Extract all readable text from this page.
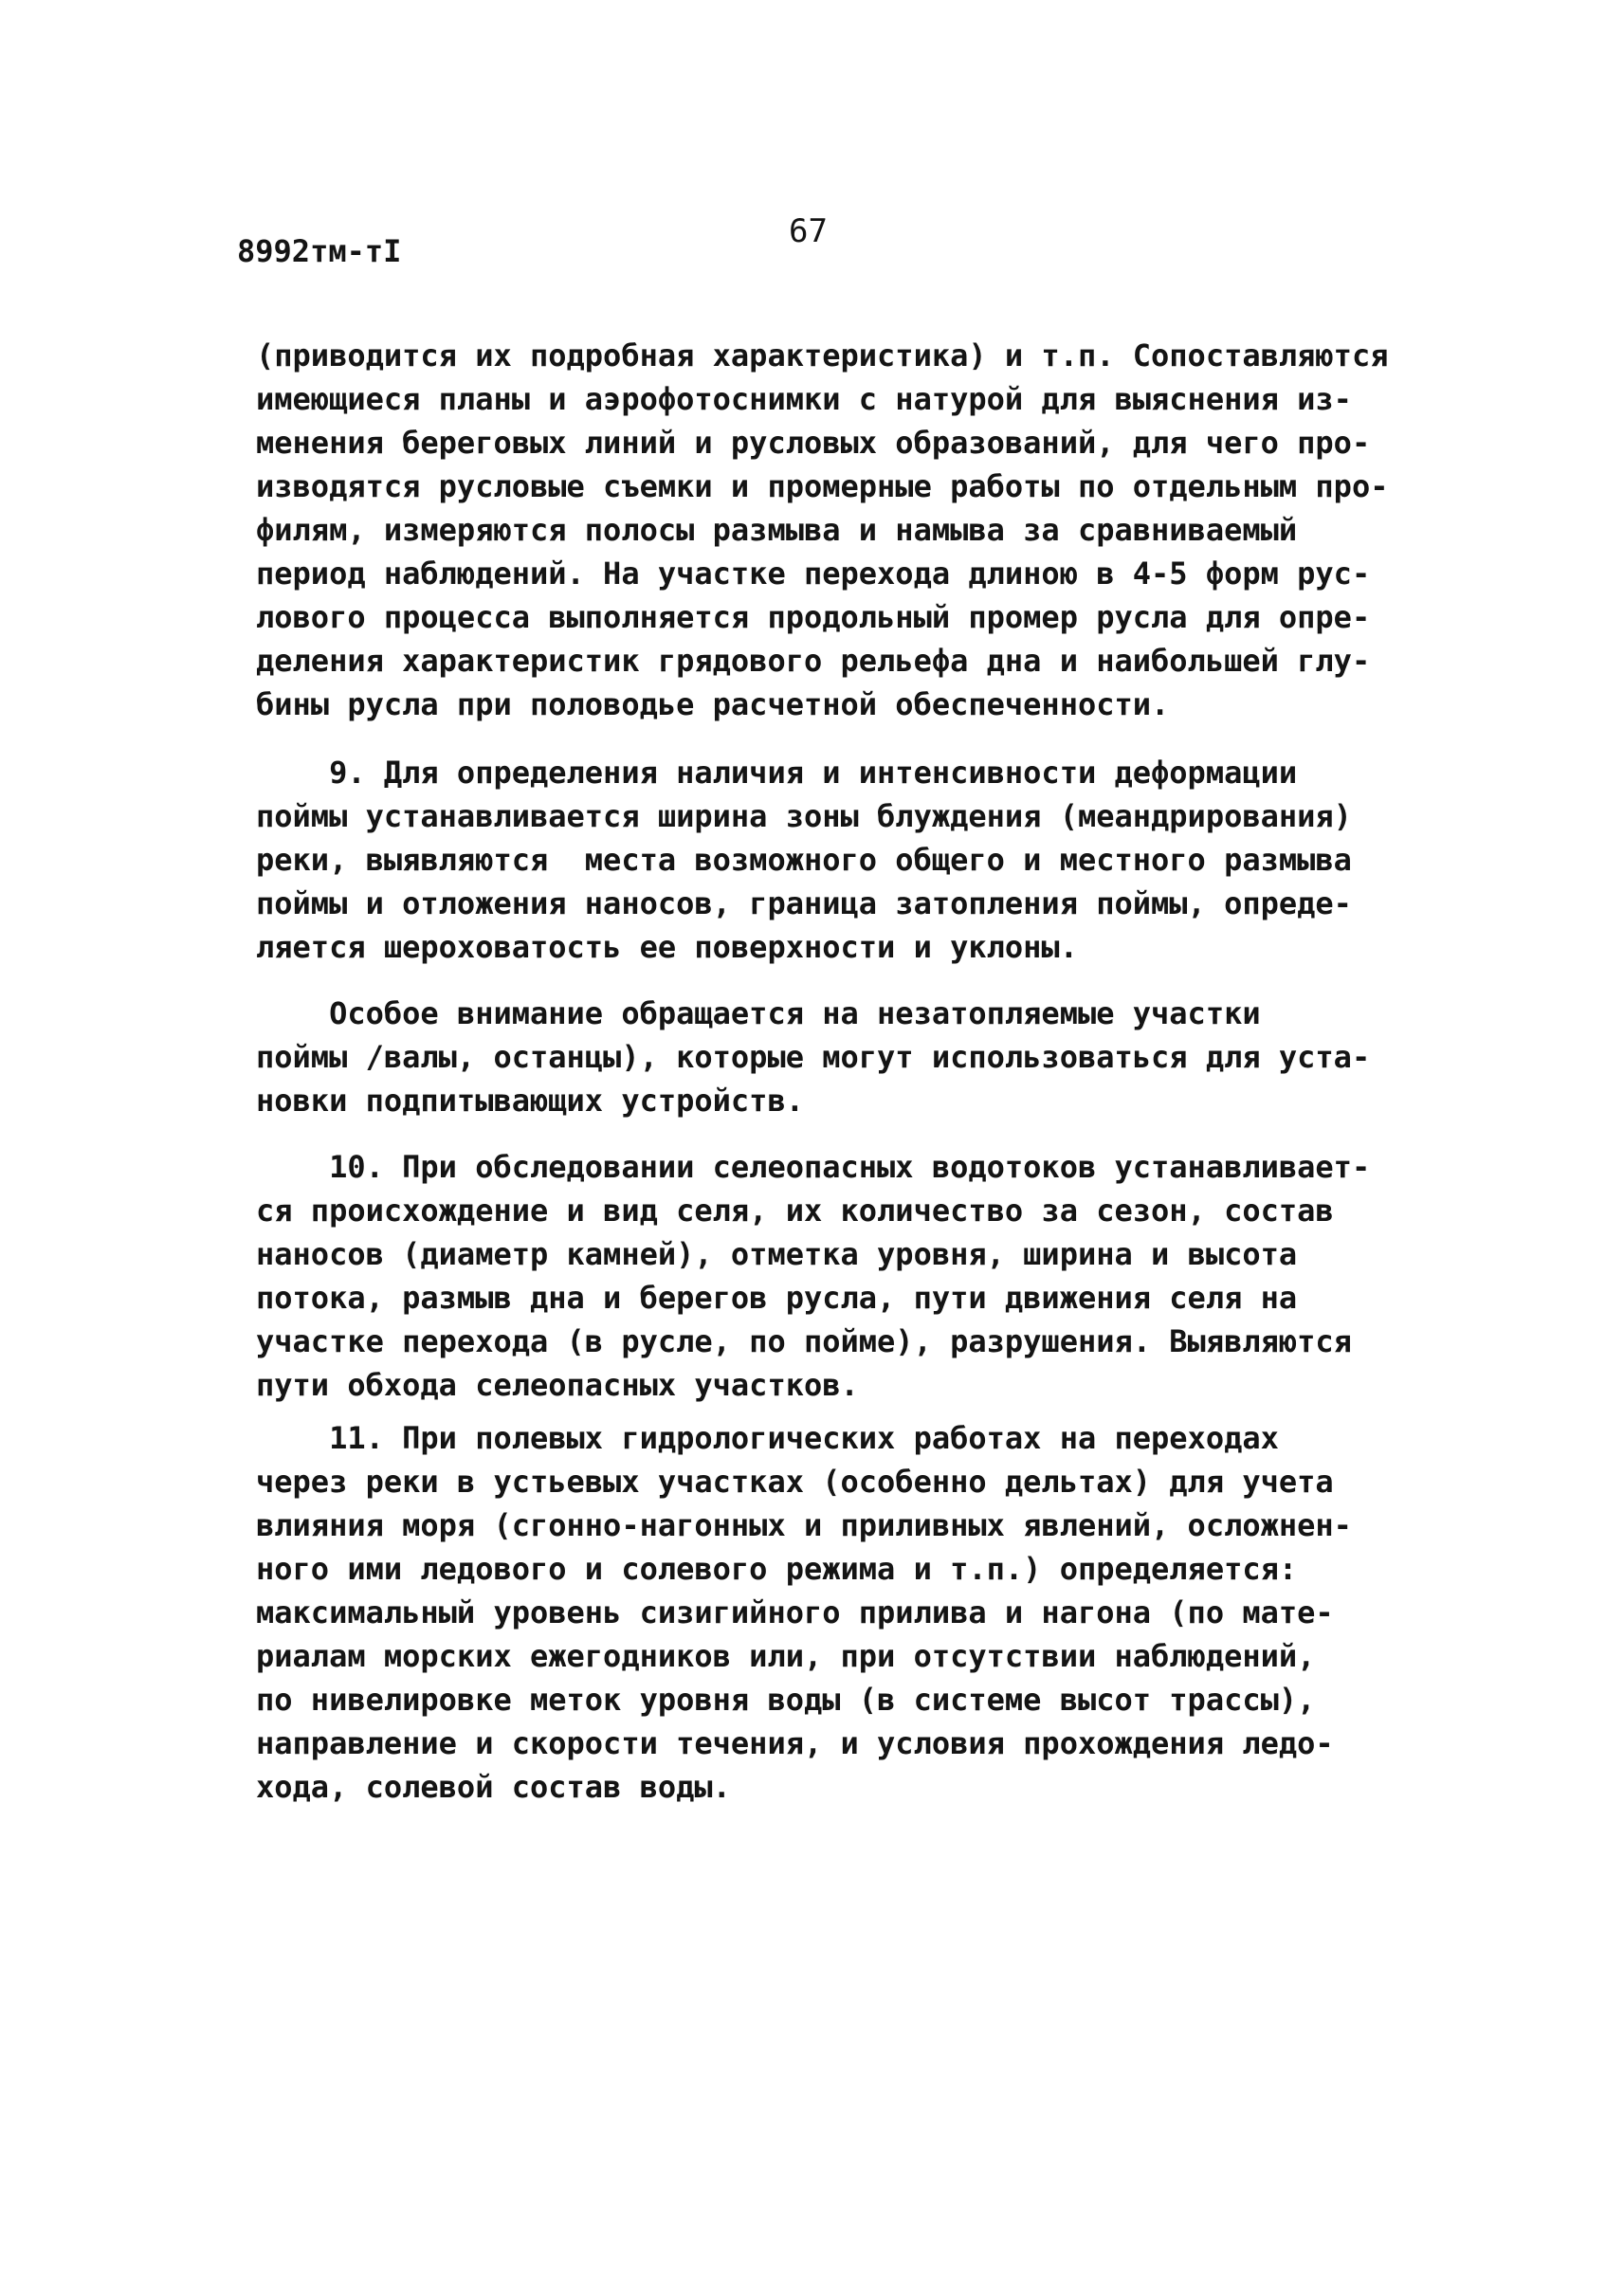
8992тм-тI
67
(приводится их подробная характеристика) и т.п. Сопоставляются
имеющиеся планы и аэрофотоснимки с натурой для выяснения из-
менения береговых линий и русловых образований, для чего про-
изводятся русловые съемки и промерные работы по отдельным про-
филям, измеряются полосы размыва и намыва за сравниваемый
период наблюдений. На участке перехода длиною в 4-5 форм рус-
лового процесса выполняется продольный промер русла для опре-
деления характеристик грядового рельефа дна и наибольшей глу-
бины русла при половодье расчетной обеспеченности.
9. Для определения наличия и интенсивности деформации
поймы устанавливается ширина зоны блуждения (меандрирования)
реки, выявляются  места возможного общего и местного размыва
поймы и отложения наносов, граница затопления поймы, опреде-
ляется шероховатость ее поверхности и уклоны.
Особое внимание обращается на незатопляемые участки
поймы /валы, останцы), которые могут использоваться для уста-
новки подпитывающих устройств.
10. При обследовании селеопасных водотоков устанавливает-
ся происхождение и вид селя, их количество за сезон, состав
наносов (диаметр камней), отметка уровня, ширина и высота
потока, размыв дна и берегов русла, пути движения селя на
участке перехода (в русле, по пойме), разрушения. Выявляются
пути обхода селеопасных участков.
11. При полевых гидрологических работах на переходах
через реки в устьевых участках (особенно дельтах) для учета
влияния моря (сгонно-нагонных и приливных явлений, осложнен-
ного ими ледового и солевого режима и т.п.) определяется:
максимальный уровень сизигийного прилива и нагона (по мате-
риалам морских ежегодников или, при отсутствии наблюдений,
по нивелировке меток уровня воды (в системе высот трассы),
направление и скорости течения, и условия прохождения ледо-
хода, солевой состав воды.
